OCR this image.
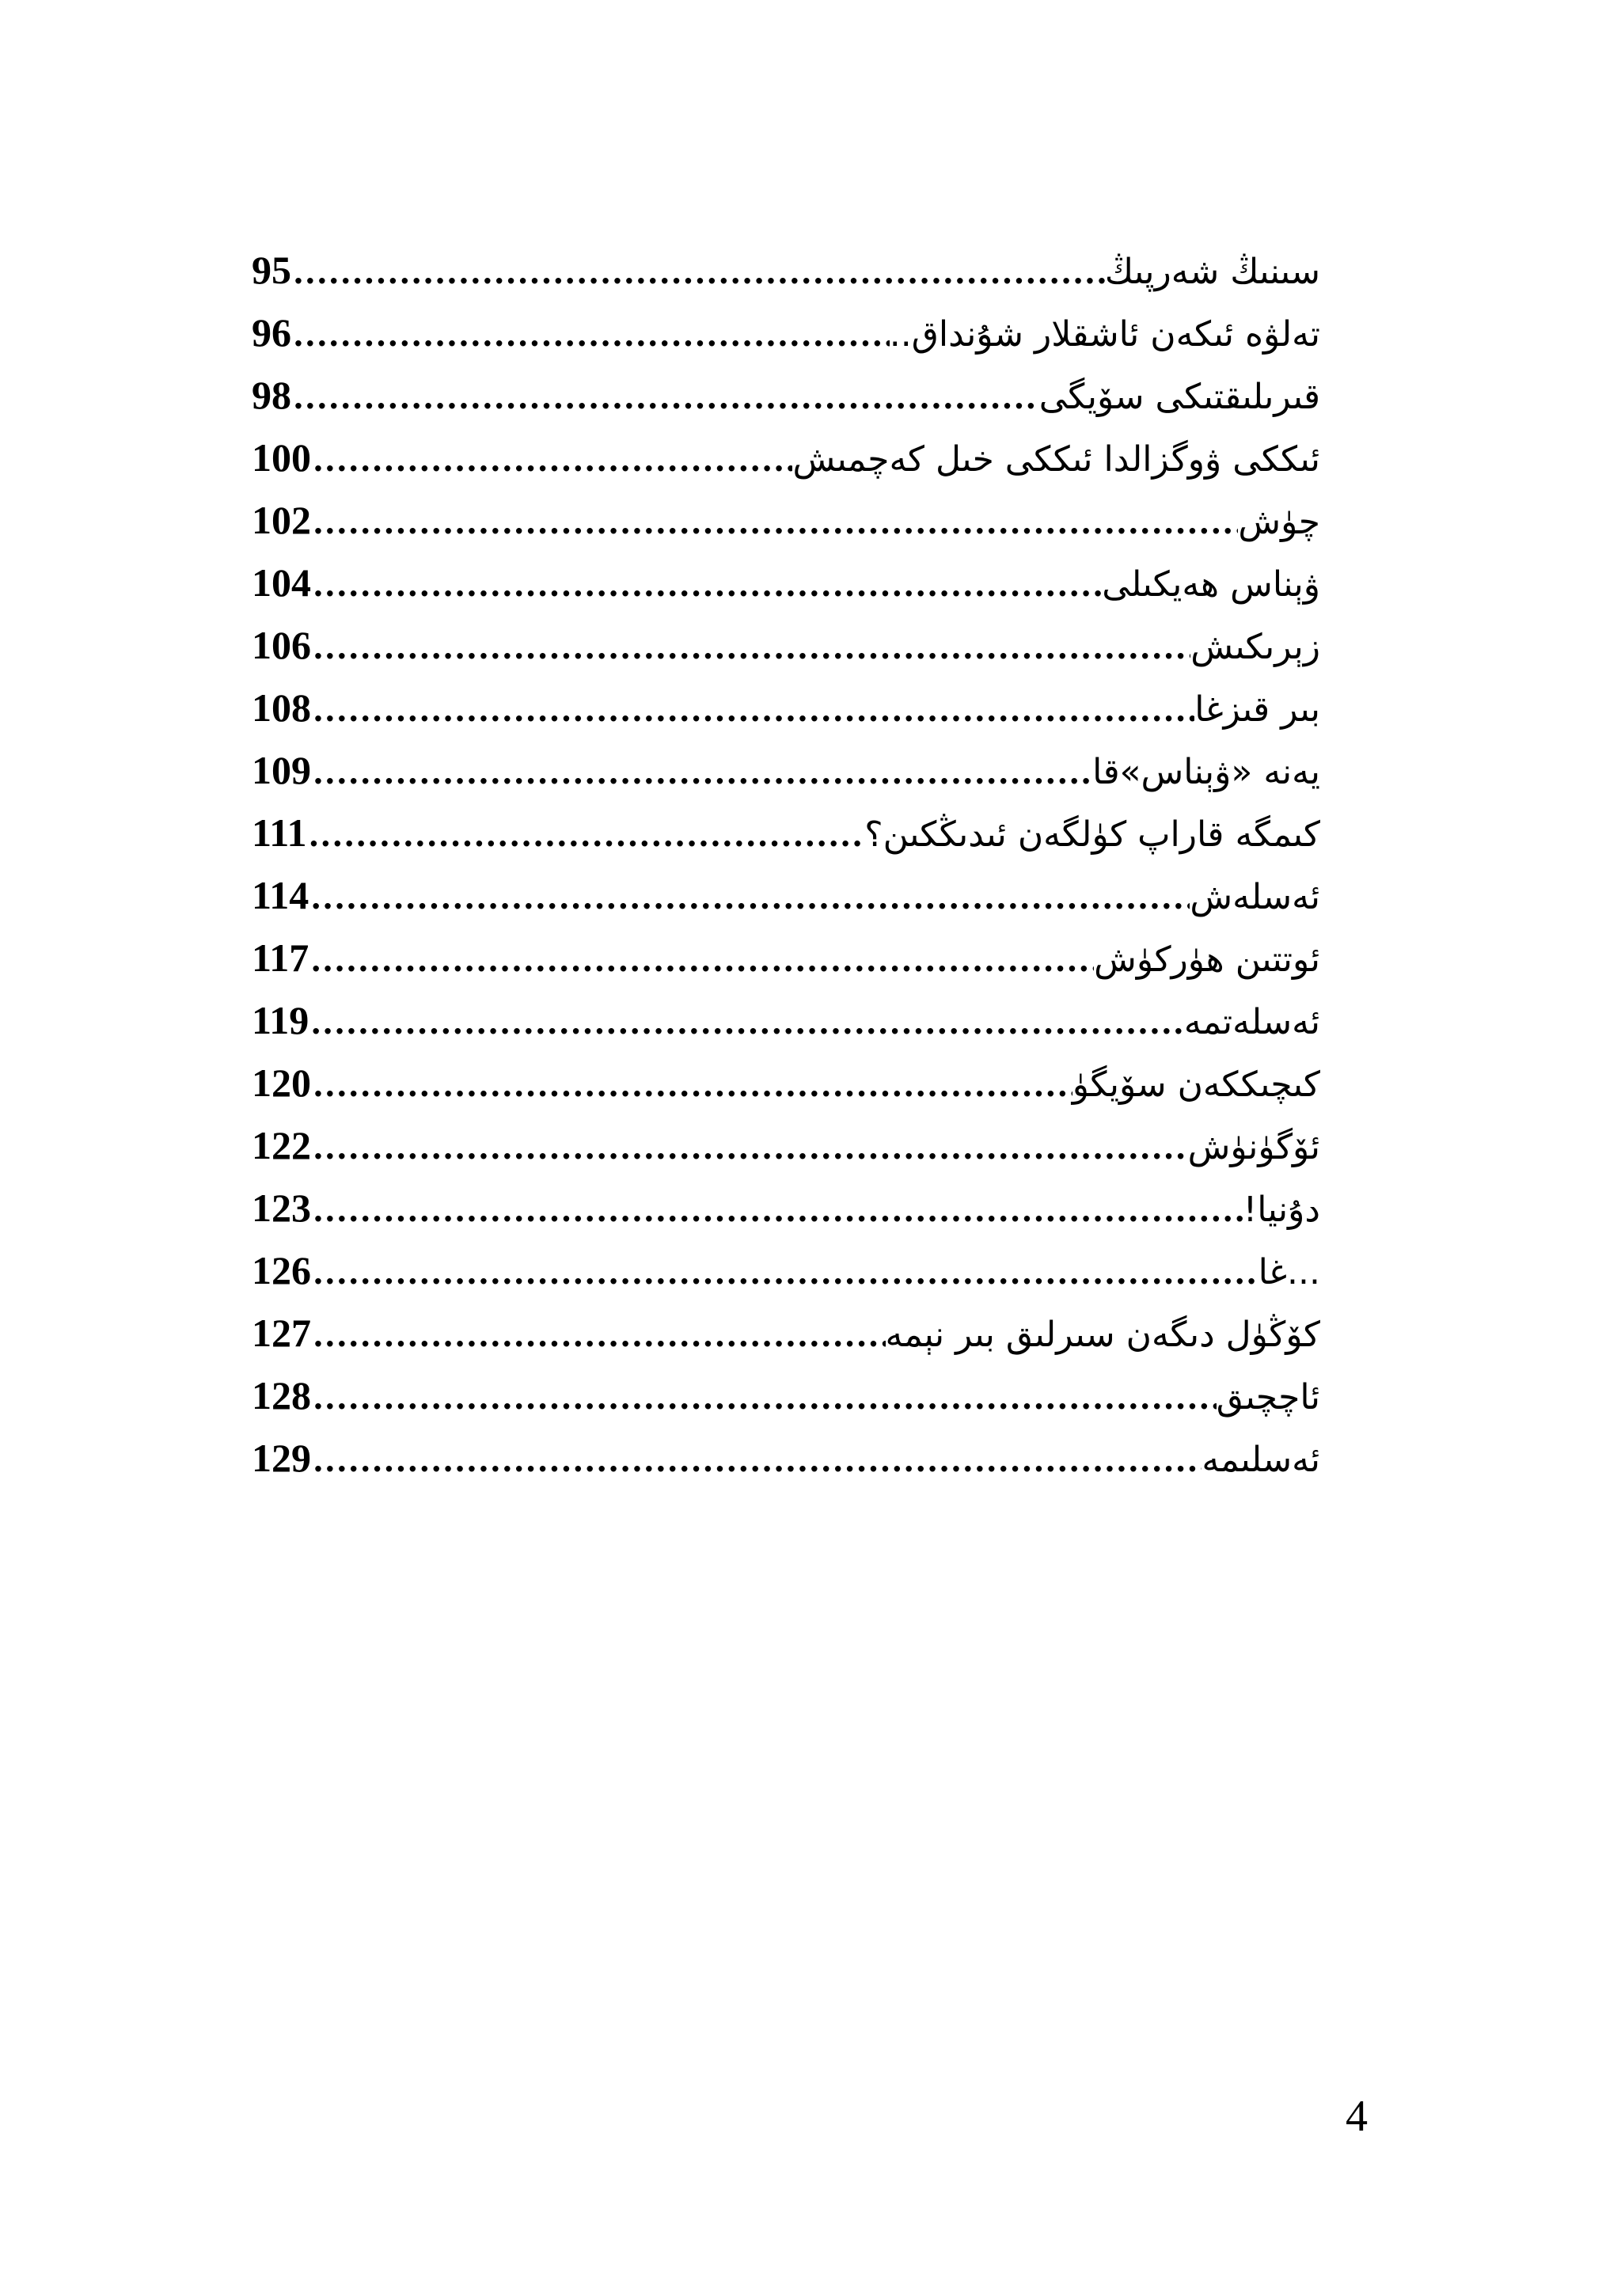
سىنىڭ شەرپىڭ
.....
95
تەلۋە ئىكەن ئاشقلار شۇنداق..
.....
96
قىرىلىقتىكى سۆيگى
.....
98
ئىككى ۋوگزالدا ئىككى خىل كەچمىش
.....
100
چۈش
.....
102
ۋېناس ھەيكىلى
.....
104
زېرىكىش
.....
106
بىر قىزغا
.....
108
يەنە «ۋېناس»قا
.....
109
كىمگە قاراپ كۈلگەن ئىدىڭكىن؟
.....
111
ئەسلەش
.....
114
ئوتتىن ھۈركۈش
.....
117
ئەسلەتمە
.....
119
كىچىككەن سۆيگۈ
.....
120
ئۆگۈنۈش
.....
122
دۇنيا!
.....
123
...غا
.....
126
كۆڭۈل دىگەن سىرلىق بىر نېمە
.....
127
ئاچچىق
.....
128
ئەسلىمە
.....
129
4
